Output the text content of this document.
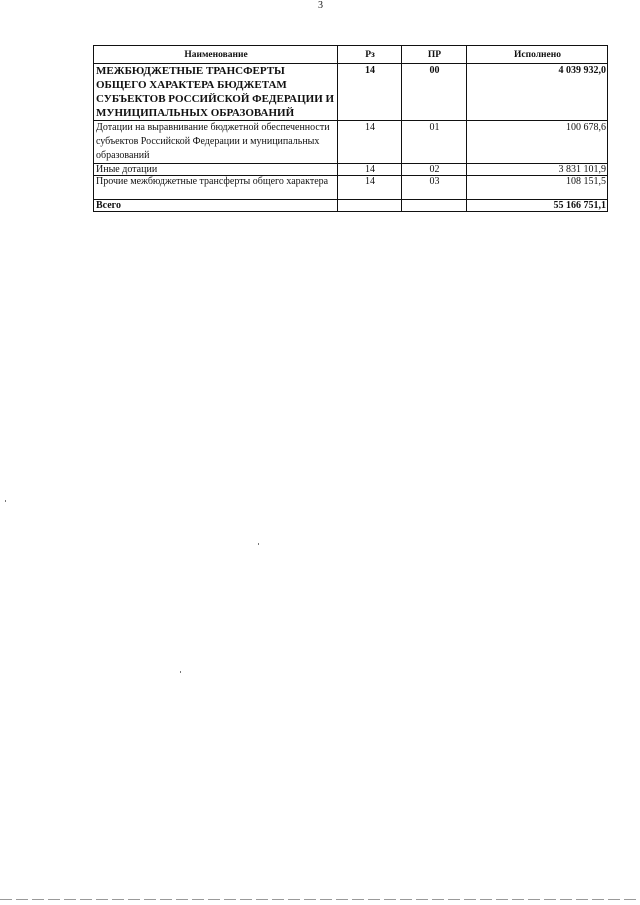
3
Наименование	Рз	ПР	Исполнено
МЕЖБЮДЖЕТНЫЕ ТРАНСФЕРТЫ ОБЩЕГО ХАРАКТЕРА БЮДЖЕТАМ СУБЪЕКТОВ РОССИЙСКОЙ ФЕДЕРАЦИИ И МУНИЦИПАЛЬНЫХ ОБРАЗОВАНИЙ	14	00	4 039 932,0
Дотации на выравнивание бюджетной обеспеченности субъектов Российской Федерации и муниципальных образований	14	01	100 678,6
Иные дотации	14	02	3 831 101,9
Прочие межбюджетные трансферты общего характера	14	03	108 151,5
Всего			55 166 751,1
